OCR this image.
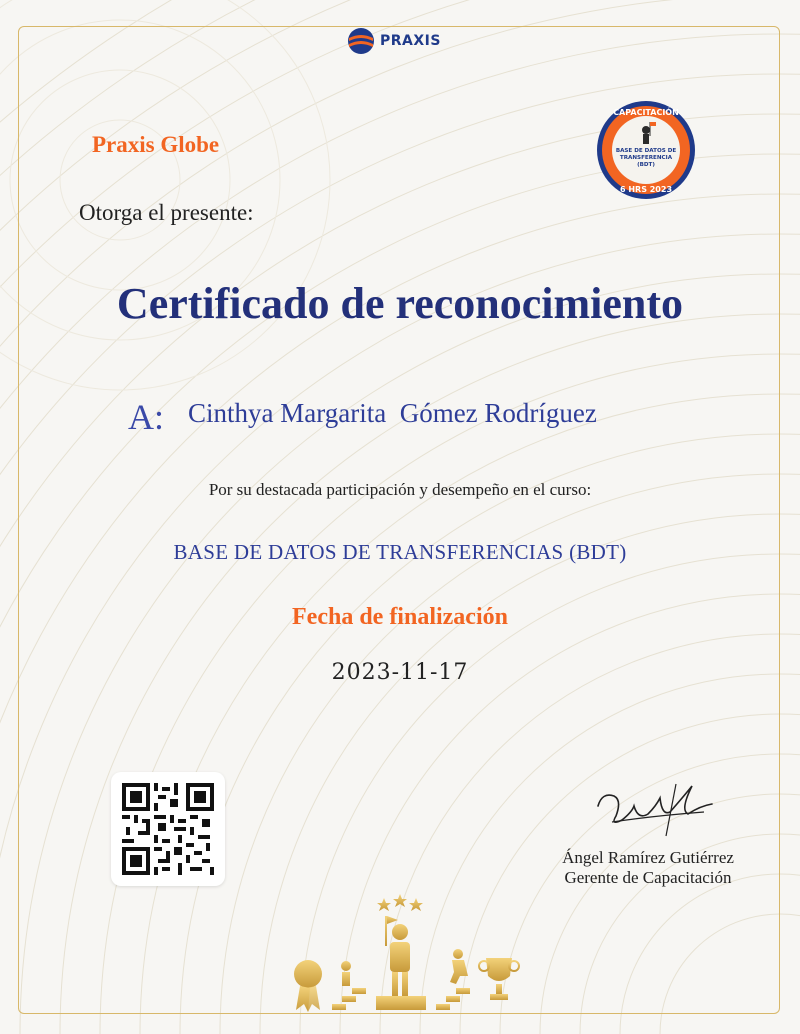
PRAXIS
Praxis Globe
CAPACITACIÓN
BASE DE DATOS DE
TRANSFERENCIA
(BDT)
6 HRS 2023
Otorga el presente:
Certificado de reconocimiento
A: Cinthya Margarita  Gómez Rodríguez
Por su destacada participación y desempeño en el curso:
BASE DE DATOS DE TRANSFERENCIAS (BDT)
Fecha de finalización
2023-11-17
Ángel Ramírez Gutiérrez
Gerente de Capacitación
